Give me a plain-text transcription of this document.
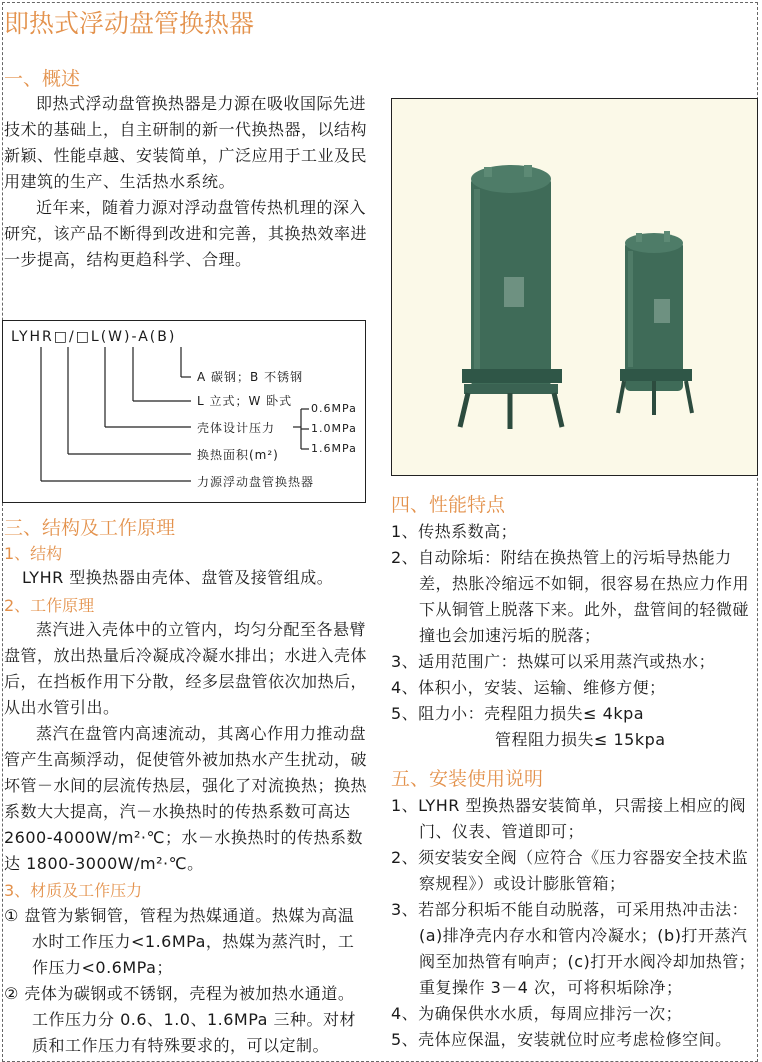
即热式浮动盘管换热器
一、概述

即热式浮动盘管换热器是力源在吸收国际先进技术的基础上，自主研制的新一代换热器，以结构新颖、性能卓越、安装简单，广泛应用于工业及民用建筑的生产、生活热水系统。

近年来，随着力源对浮动盘管传热机理的深入研究，该产品不断得到改进和完善，其换热效率进一步提高，结构更趋科学、合理。

LYHR□/□L(W)-A(B)
A 碳钢；B 不锈钢
L 立式；W 卧式
壳体设计压力
换热面积(m²)
力源浮动盘管换热器
0.6MPa
1.0MPa
1.6MPa
三、结构及工作原理
1、结构
LYHR 型换热器由壳体、盘管及接管组成。
2、工作原理

蒸汽进入壳体中的立管内，均匀分配至各悬臂盘管，放出热量后冷凝成冷凝水排出；水进入壳体后，在挡板作用下分散，经多层盘管依次加热后，从出水管引出。

蒸汽在盘管内高速流动，其离心作用力推动盘管产生高频浮动，促使管外被加热水产生扰动，破坏管－水间的层流传热层，强化了对流换热；换热系数大大提高，汽－水换热时的传热系数可高达 2600-4000W/m²·℃；水－水换热时的传热系数达 1800-3000W/m²·℃。

3、材质及工作压力

① 盘管为紫铜管，管程为热媒通道。热媒为高温水时工作压力<1.6MPa，热媒为蒸汽时，工作压力<0.6MPa；

② 壳体为碳钢或不锈钢，壳程为被加热水通道。工作压力分 0.6、1.0、1.6MPa 三种。对材质和工作压力有特殊要求的，可以定制。

四、性能特点

1、传热系数高；

2、自动除垢：附结在换热管上的污垢导热能力差，热胀冷缩远不如铜，很容易在热应力作用下从铜管上脱落下来。此外，盘管间的轻微碰撞也会加速污垢的脱落；

3、适用范围广：热媒可以采用蒸汽或热水；

4、体积小，安装、运输、维修方便；

5、阻力小：壳程阻力损失≤ 4kpa

管程阻力损失≤ 15kpa

五、安装使用说明

1、LYHR 型换热器安装简单，只需接上相应的阀门、仪表、管道即可；

2、须安装安全阀（应符合《压力容器安全技术监察规程》）或设计膨胀管箱；

3、若部分积垢不能自动脱落，可采用热冲击法：(a)排净壳内存水和管内冷凝水；(b)打开蒸汽阀至加热管有响声；(c)打开水阀冷却加热管；重复操作 3－4 次，可将积垢除净；

4、为确保供水水质，每周应排污一次；

5、壳体应保温，安装就位时应考虑检修空间。
